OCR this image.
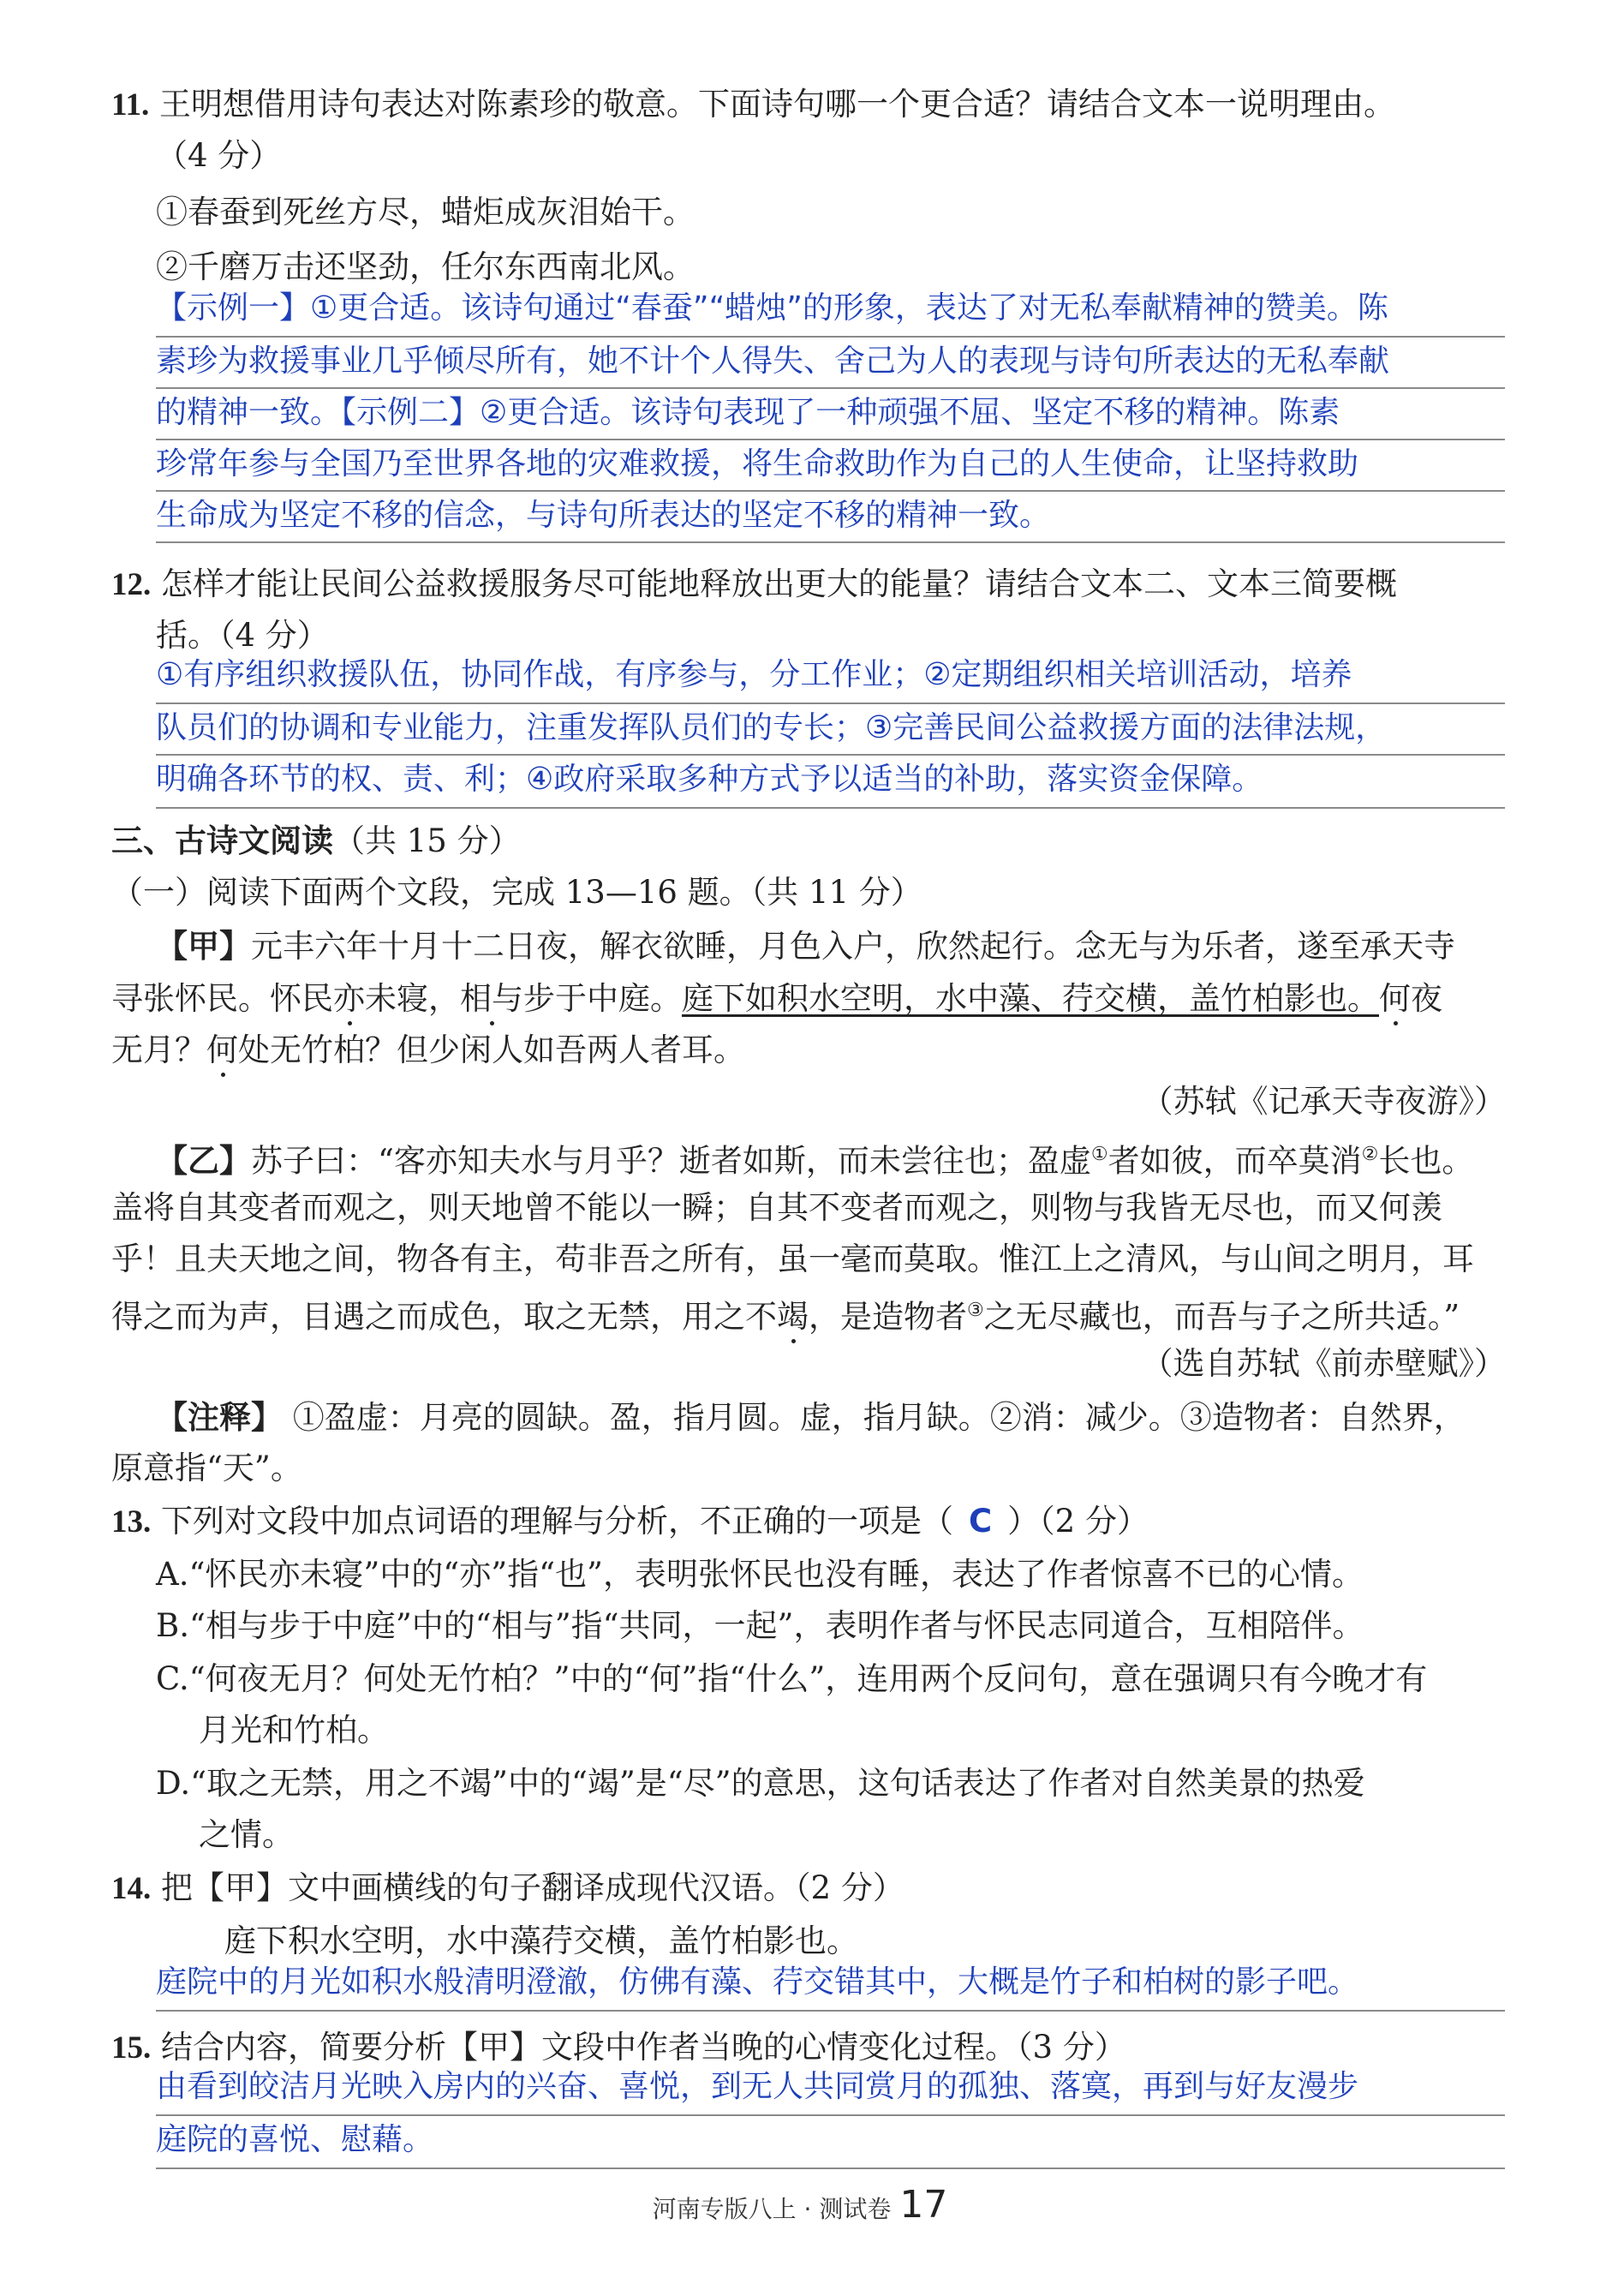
11. 王明想借用诗句表达对陈素珍的敬意。下面诗句哪一个更合适？请结合文本一说明理由。
（4 分）
①春蚕到死丝方尽，蜡炬成灰泪始干。
②千磨万击还坚劲，任尔东西南北风。
【示例一】①更合适。该诗句通过“春蚕”“蜡烛”的形象，表达了对无私奉献精神的赞美。陈
素珍为救援事业几乎倾尽所有，她不计个人得失、舍己为人的表现与诗句所表达的无私奉献
的精神一致。【示例二】②更合适。该诗句表现了一种顽强不屈、坚定不移的精神。陈素
珍常年参与全国乃至世界各地的灾难救援，将生命救助作为自己的人生使命，让坚持救助
生命成为坚定不移的信念，与诗句所表达的坚定不移的精神一致。
12. 怎样才能让民间公益救援服务尽可能地释放出更大的能量？请结合文本二、文本三简要概
括。（4 分）
①有序组织救援队伍，协同作战，有序参与，分工作业；②定期组织相关培训活动，培养
队员们的协调和专业能力，注重发挥队员们的专长；③完善民间公益救援方面的法律法规，
明确各环节的权、责、利；④政府采取多种方式予以适当的补助，落实资金保障。
三、古诗文阅读（共 15 分）
（一）阅读下面两个文段，完成 13—16 题。（共 11 分）
【甲】元丰六年十月十二日夜，解衣欲睡，月色入户，欣然起行。念无与为乐者，遂至承天寺
寻张怀民。怀民亦未寝，相与步于中庭。庭下如积水空明，水中藻、荇交横，盖竹柏影也。何夜
无月？何处无竹柏？但少闲人如吾两人者耳。
（苏轼《记承天寺夜游》）
【乙】苏子曰：“客亦知夫水与月乎？逝者如斯，而未尝往也；盈虚①者如彼，而卒莫消②长也。
盖将自其变者而观之，则天地曾不能以一瞬；自其不变者而观之，则物与我皆无尽也，而又何羡
乎！且夫天地之间，物各有主，苟非吾之所有，虽一毫而莫取。惟江上之清风，与山间之明月，耳
得之而为声，目遇之而成色，取之无禁，用之不竭，是造物者③之无尽藏也，而吾与子之所共适。”
（选自苏轼《前赤壁赋》）
【注释】 ①盈虚：月亮的圆缺。盈，指月圆。虚，指月缺。②消：减少。③造物者：自然界，
原意指“天”。
13. 下列对文段中加点词语的理解与分析，不正确的一项是（ C ）（2 分）
A.“怀民亦未寝”中的“亦”指“也”，表明张怀民也没有睡，表达了作者惊喜不已的心情。
B.“相与步于中庭”中的“相与”指“共同，一起”，表明作者与怀民志同道合，互相陪伴。
C.“何夜无月？何处无竹柏？”中的“何”指“什么”，连用两个反问句，意在强调只有今晚才有
月光和竹柏。
D.“取之无禁，用之不竭”中的“竭”是“尽”的意思，这句话表达了作者对自然美景的热爱
之情。
14. 把【甲】文中画横线的句子翻译成现代汉语。（2 分）
庭下积水空明，水中藻荇交横，盖竹柏影也。
庭院中的月光如积水般清明澄澈，仿佛有藻、荇交错其中，大概是竹子和柏树的影子吧。
15. 结合内容，简要分析【甲】文段中作者当晚的心情变化过程。（3 分）
由看到皎洁月光映入房内的兴奋、喜悦，到无人共同赏月的孤独、落寞，再到与好友漫步
庭院的喜悦、慰藉。
河南专版八上 · 测试卷 17
